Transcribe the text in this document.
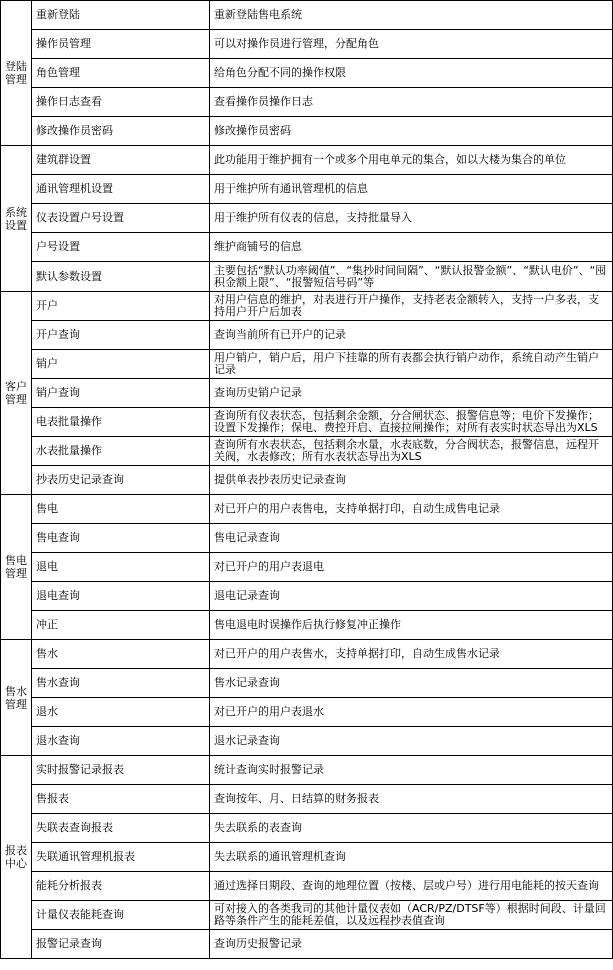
登陆管理	重新登陆	重新登陆售电系统
	操作员管理	可以对操作员进行管理，分配角色
	角色管理	给角色分配不同的操作权限
	操作日志查看	查看操作员操作日志
	修改操作员密码	修改操作员密码
系统设置	建筑群设置	此功能用于维护拥有一个或多个用电单元的集合，如以大楼为集合的单位
	通讯管理机设置	用于维护所有通讯管理机的信息
	仪表设置户号设置	用于维护所有仪表的信息，支持批量导入
	户号设置	维护商铺号的信息
	默认参数设置	主要包括“默认功率阈值”、“集抄时间间隔”、“默认报警金额”、“默认电价”、“囤积金额上限”、“报警短信号码”等
客户管理	开户	对用户信息的维护，对表进行开户操作，支持老表金额转入，支持一户多表，支持用户开户后加表
	开户查询	查询当前所有已开户的记录
	销户	用户销户，销户后，用户下挂靠的所有表都会执行销户动作，系统自动产生销户记录
	销户查询	查询历史销户记录
	电表批量操作	查询所有仪表状态，包括剩余金额，分合闸状态、报警信息等；电价下发操作；设置下发操作；保电、费控开启、直接拉闸操作；对所有表实时状态导出为XLS
	水表批量操作	查询所有水表状态，包括剩余水量，水表底数，分合阀状态，报警信息，远程开关阀，水表修改；所有水表状态导出为XLS
	抄表历史记录查询	提供单表抄表历史记录查询
售电管理	售电	对已开户的用户表售电，支持单据打印，自动生成售电记录
	售电查询	售电记录查询
	退电	对已开户的用户表退电
	退电查询	退电记录查询
	冲正	售电退电时误操作后执行修复冲正操作
售水管理	售水	对已开户的用户表售水，支持单据打印，自动生成售水记录
	售水查询	售水记录查询
	退水	对已开户的用户表退水
	退水查询	退水记录查询
报表中心	实时报警记录报表	统计查询实时报警记录
	售报表	查询按年、月、日结算的财务报表
	失联表查询报表	失去联系的表查询
	失联通讯管理机报表	失去联系的通讯管理机查询
	能耗分析报表	通过选择日期段、查询的地理位置（按楼、层或户号）进行用电能耗的按天查询
	计量仪表能耗查询	可对接入的各类我司的其他计量仪表如（ACR/PZ/DTSF等）根据时间段、计量回路等条件产生的能耗差值，以及远程抄表值查询
	报警记录查询	查询历史报警记录
